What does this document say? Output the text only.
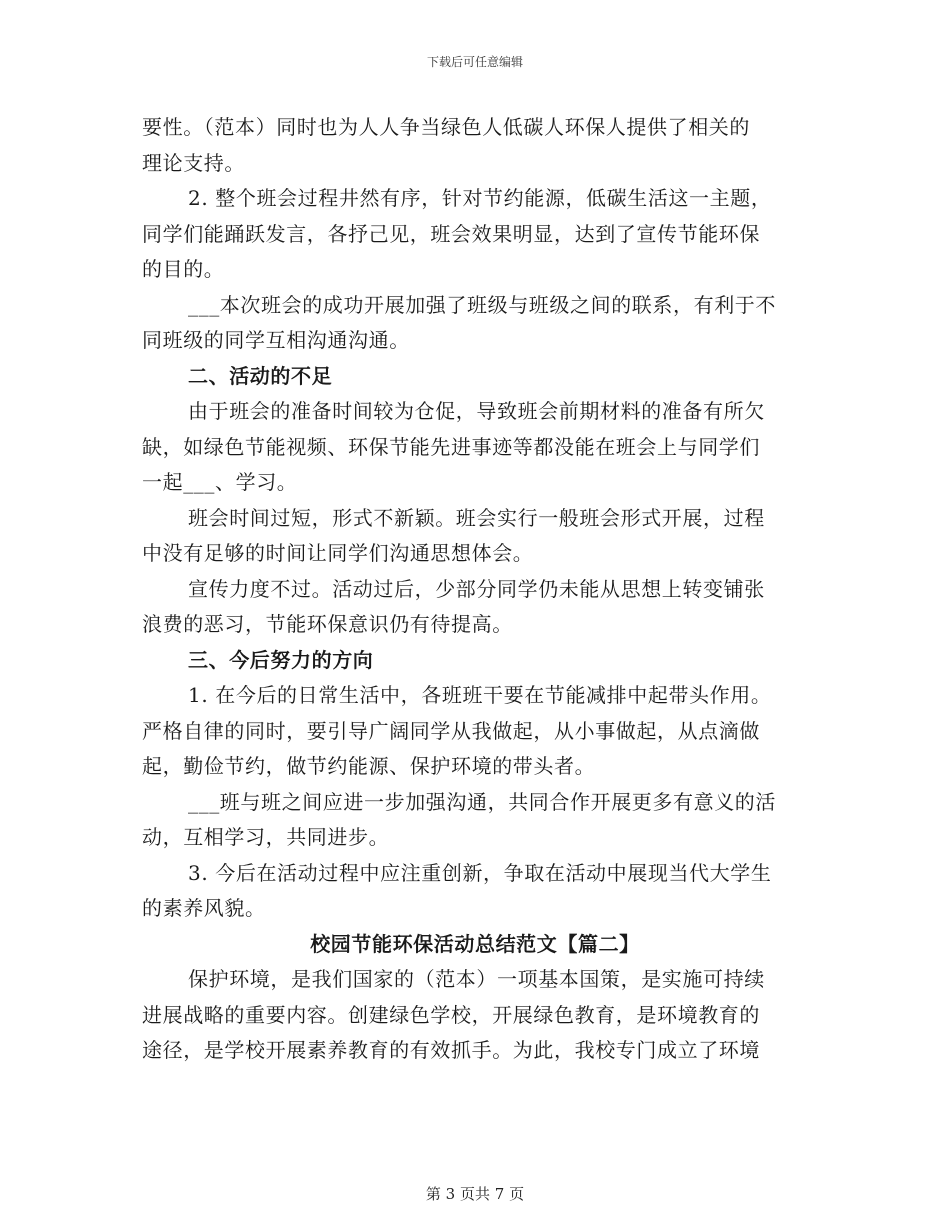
下载后可任意编辑
要性。（范本）同时也为人人争当绿色人低碳人环保人提供了相关的
理论支持。
2. 整个班会过程井然有序，针对节约能源，低碳生活这一主题，
同学们能踊跃发言，各抒己见，班会效果明显，达到了宣传节能环保
的目的。
___本次班会的成功开展加强了班级与班级之间的联系，有利于不
同班级的同学互相沟通沟通。
二、活动的不足
由于班会的准备时间较为仓促，导致班会前期材料的准备有所欠
缺，如绿色节能视频、环保节能先进事迹等都没能在班会上与同学们
一起___、学习。
班会时间过短，形式不新颖。班会实行一般班会形式开展，过程
中没有足够的时间让同学们沟通思想体会。
宣传力度不过。活动过后，少部分同学仍未能从思想上转变铺张
浪费的恶习，节能环保意识仍有待提高。
三、今后努力的方向
1. 在今后的日常生活中，各班班干要在节能减排中起带头作用。
严格自律的同时，要引导广阔同学从我做起，从小事做起，从点滴做
起，勤俭节约，做节约能源、保护环境的带头者。
___班与班之间应进一步加强沟通，共同合作开展更多有意义的活
动，互相学习，共同进步。
3. 今后在活动过程中应注重创新，争取在活动中展现当代大学生
的素养风貌。
校园节能环保活动总结范文【篇二】
保护环境，是我们国家的（范本）一项基本国策，是实施可持续
进展战略的重要内容。创建绿色学校，开展绿色教育，是环境教育的
途径，是学校开展素养教育的有效抓手。为此，我校专门成立了环境
第 3 页共 7 页
